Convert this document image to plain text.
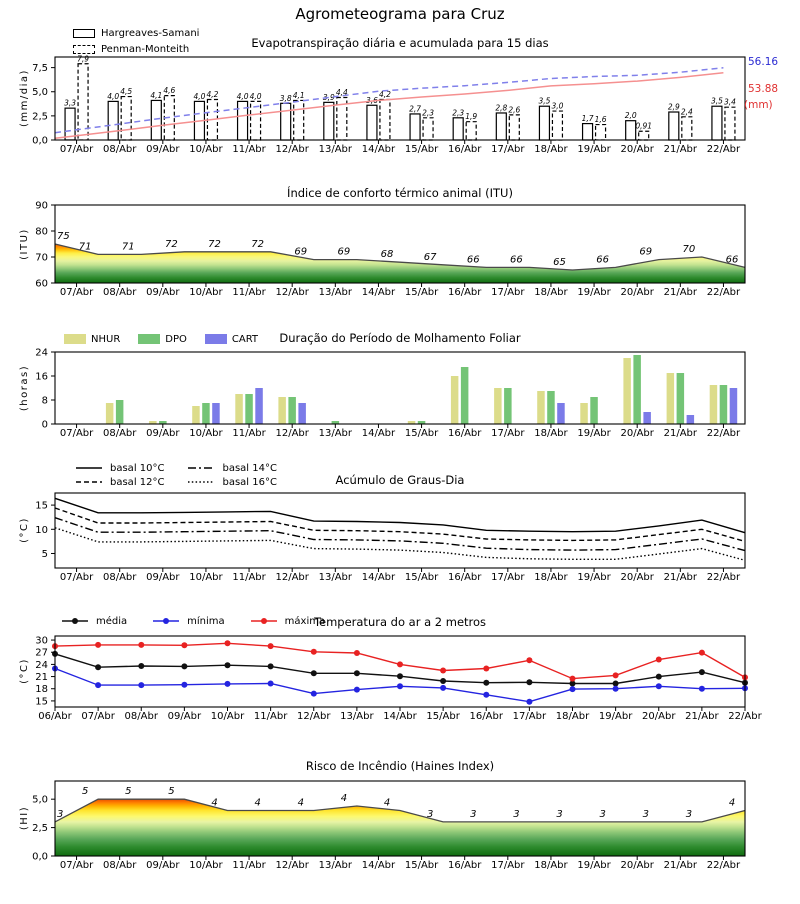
Agrometeograma para Cruz
3,3
4,0	4,1	4,0	4,0	3,8	3,9	3,6
2,7	2,3
2,8
3,5
1,7	2,0
2,9
3,5
7,9
4,5	4,6	4,2	4,0	4,1	4,4	4,2
2,3	1,9
2,6	3,0
1,6
0,91
2,4
3,4
0,0
2,5
5,0
7,5
07/Abr 08/Abr 09/Abr 10/Abr 11/Abr 12/Abr 13/Abr 14/Abr 15/Abr 16/Abr 17/Abr 18/Abr 19/Abr 20/Abr 21/Abr 22/Abr
75
71	71	72	72	72
69	69	68	67	66	66	65	66
69	70
66
60
70
80
90
07/Abr 08/Abr 09/Abr 10/Abr 11/Abr 12/Abr 13/Abr 14/Abr 15/Abr 16/Abr 17/Abr 18/Abr 19/Abr 20/Abr 21/Abr 22/Abr
0
8
16
24
07/Abr 08/Abr 09/Abr 10/Abr 11/Abr 12/Abr 13/Abr 14/Abr 15/Abr 16/Abr 17/Abr 18/Abr 19/Abr 20/Abr 21/Abr 22/Abr
5
10
15
07/Abr 08/Abr 09/Abr 10/Abr 11/Abr 12/Abr 13/Abr 14/Abr 15/Abr 16/Abr 17/Abr 18/Abr 19/Abr 20/Abr 21/Abr 22/Abr
15
18
21
24
27
30
06/Abr 07/Abr 08/Abr 09/Abr 10/Abr 11/Abr 12/Abr 13/Abr 14/Abr 15/Abr 16/Abr 17/Abr 18/Abr 19/Abr 20/Abr 21/Abr 22/Abr
3
5	5	5
4	4	4	4	4
3	3	3	3	3	3	3
4
0,0
2,5
5,0
07/Abr 08/Abr 09/Abr 10/Abr 11/Abr 12/Abr 13/Abr 14/Abr 15/Abr 16/Abr 17/Abr 18/Abr 19/Abr 20/Abr 21/Abr 22/Abr
Evapotranspiração diária e acumulada para 15 dias
Índice de conforto térmico animal (ITU)
Duração do Período de Molhamento Foliar
Acúmulo de Graus-Dia
Temperatura do ar a 2 metros
Risco de Incêndio (Haines Index)
(mm/dia)
(ITU)
(horas)
(°C)
(°C)
(HI)
Hargreaves-Samani
Penman-Monteith
NHUR	DPO	CART
basal 10°C
basal 12°C
basal 14°C
basal 16°C
média	mínima	máxima
56.16
53.88
(mm)
